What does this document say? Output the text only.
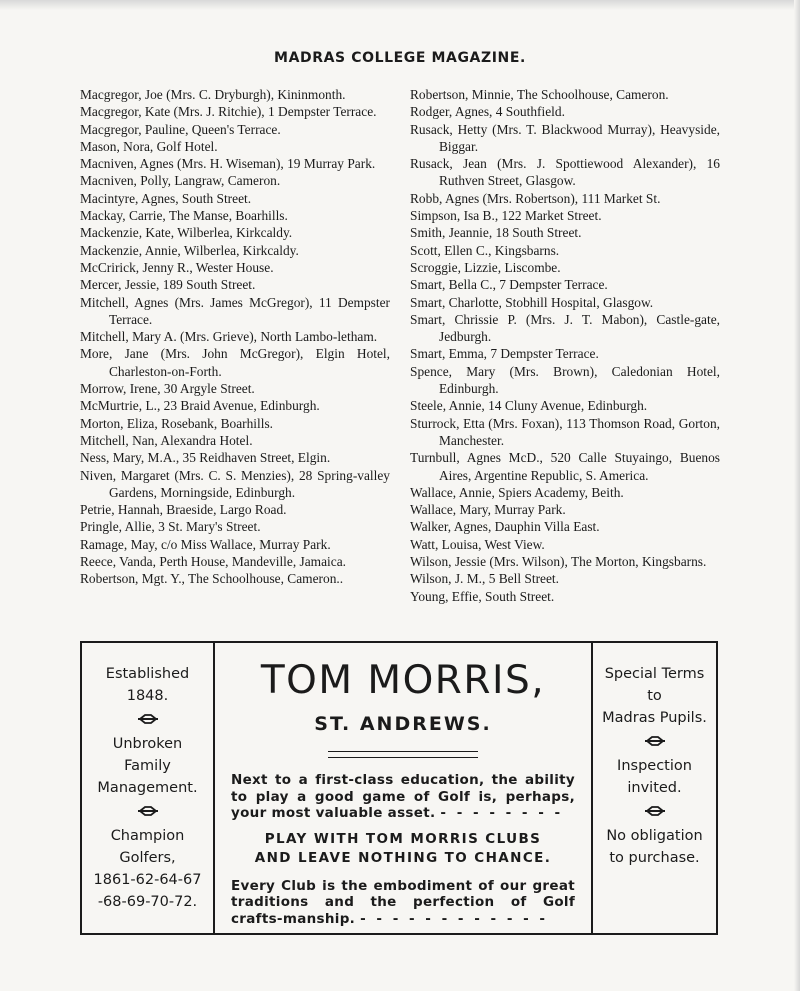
MADRAS COLLEGE MAGAZINE.
Macgregor, Joe (Mrs. C. Dryburgh), Kininmonth.
Macgregor, Kate (Mrs. J. Ritchie), 1 Dempster Terrace.
Macgregor, Pauline, Queen's Terrace.
Mason, Nora, Golf Hotel.
Macniven, Agnes (Mrs. H. Wiseman), 19 Murray Park.
Macniven, Polly, Langraw, Cameron.
Macintyre, Agnes, South Street.
Mackay, Carrie, The Manse, Boarhills.
Mackenzie, Kate, Wilberlea, Kirkcaldy.
Mackenzie, Annie, Wilberlea, Kirkcaldy.
McCririck, Jenny R., Wester House.
Mercer, Jessie, 189 South Street.
Mitchell, Agnes (Mrs. James McGregor), 11 Dempster Terrace.
Mitchell, Mary A. (Mrs. Grieve), North Lambo-letham.
More, Jane (Mrs. John McGregor), Elgin Hotel, Charleston-on-Forth.
Morrow, Irene, 30 Argyle Street.
McMurtrie, L., 23 Braid Avenue, Edinburgh.
Morton, Eliza, Rosebank, Boarhills.
Mitchell, Nan, Alexandra Hotel.
Ness, Mary, M.A., 35 Reidhaven Street, Elgin.
Niven, Margaret (Mrs. C. S. Menzies), 28 Spring-valley Gardens, Morningside, Edinburgh.
Petrie, Hannah, Braeside, Largo Road.
Pringle, Allie, 3 St. Mary's Street.
Ramage, May, c/o Miss Wallace, Murray Park.
Reece, Vanda, Perth House, Mandeville, Jamaica.
Robertson, Mgt. Y., The Schoolhouse, Cameron..
Robertson, Minnie, The Schoolhouse, Cameron.
Rodger, Agnes, 4 Southfield.
Rusack, Hetty (Mrs. T. Blackwood Murray), Heavyside, Biggar.
Rusack, Jean (Mrs. J. Spottiewood Alexander), 16 Ruthven Street, Glasgow.
Robb, Agnes (Mrs. Robertson), 111 Market St.
Simpson, Isa B., 122 Market Street.
Smith, Jeannie, 18 South Street.
Scott, Ellen C., Kingsbarns.
Scroggie, Lizzie, Liscombe.
Smart, Bella C., 7 Dempster Terrace.
Smart, Charlotte, Stobhill Hospital, Glasgow.
Smart, Chrissie P. (Mrs. J. T. Mabon), Castle-gate, Jedburgh.
Smart, Emma, 7 Dempster Terrace.
Spence, Mary (Mrs. Brown), Caledonian Hotel, Edinburgh.
Steele, Annie, 14 Cluny Avenue, Edinburgh.
Sturrock, Etta (Mrs. Foxan), 113 Thomson Road, Gorton, Manchester.
Turnbull, Agnes McD., 520 Calle Stuyaingo, Buenos Aires, Argentine Republic, S. America.
Wallace, Annie, Spiers Academy, Beith.
Wallace, Mary, Murray Park.
Walker, Agnes, Dauphin Villa East.
Watt, Louisa, West View.
Wilson, Jessie (Mrs. Wilson), The Morton, Kingsbarns.
Wilson, J. M., 5 Bell Street.
Young, Effie, South Street.
Established
1848.
Unbroken
Family
Management.
Champion
Golfers,
1861-62-64-67
-68-69-70-72.
TOM MORRIS,
ST. ANDREWS.
Next to a first-class education, the ability to play a good game of Golf is, perhaps, your most valuable asset. - - - - - - - -
PLAY WITH TOM MORRIS CLUBS
AND LEAVE NOTHING TO CHANCE.
Every Club is the embodiment of our great traditions and the perfection of Golf crafts-manship. - - - - - - - - - - - -
Special Terms
to
Madras Pupils.
Inspection
invited.
No obligation
to purchase.
